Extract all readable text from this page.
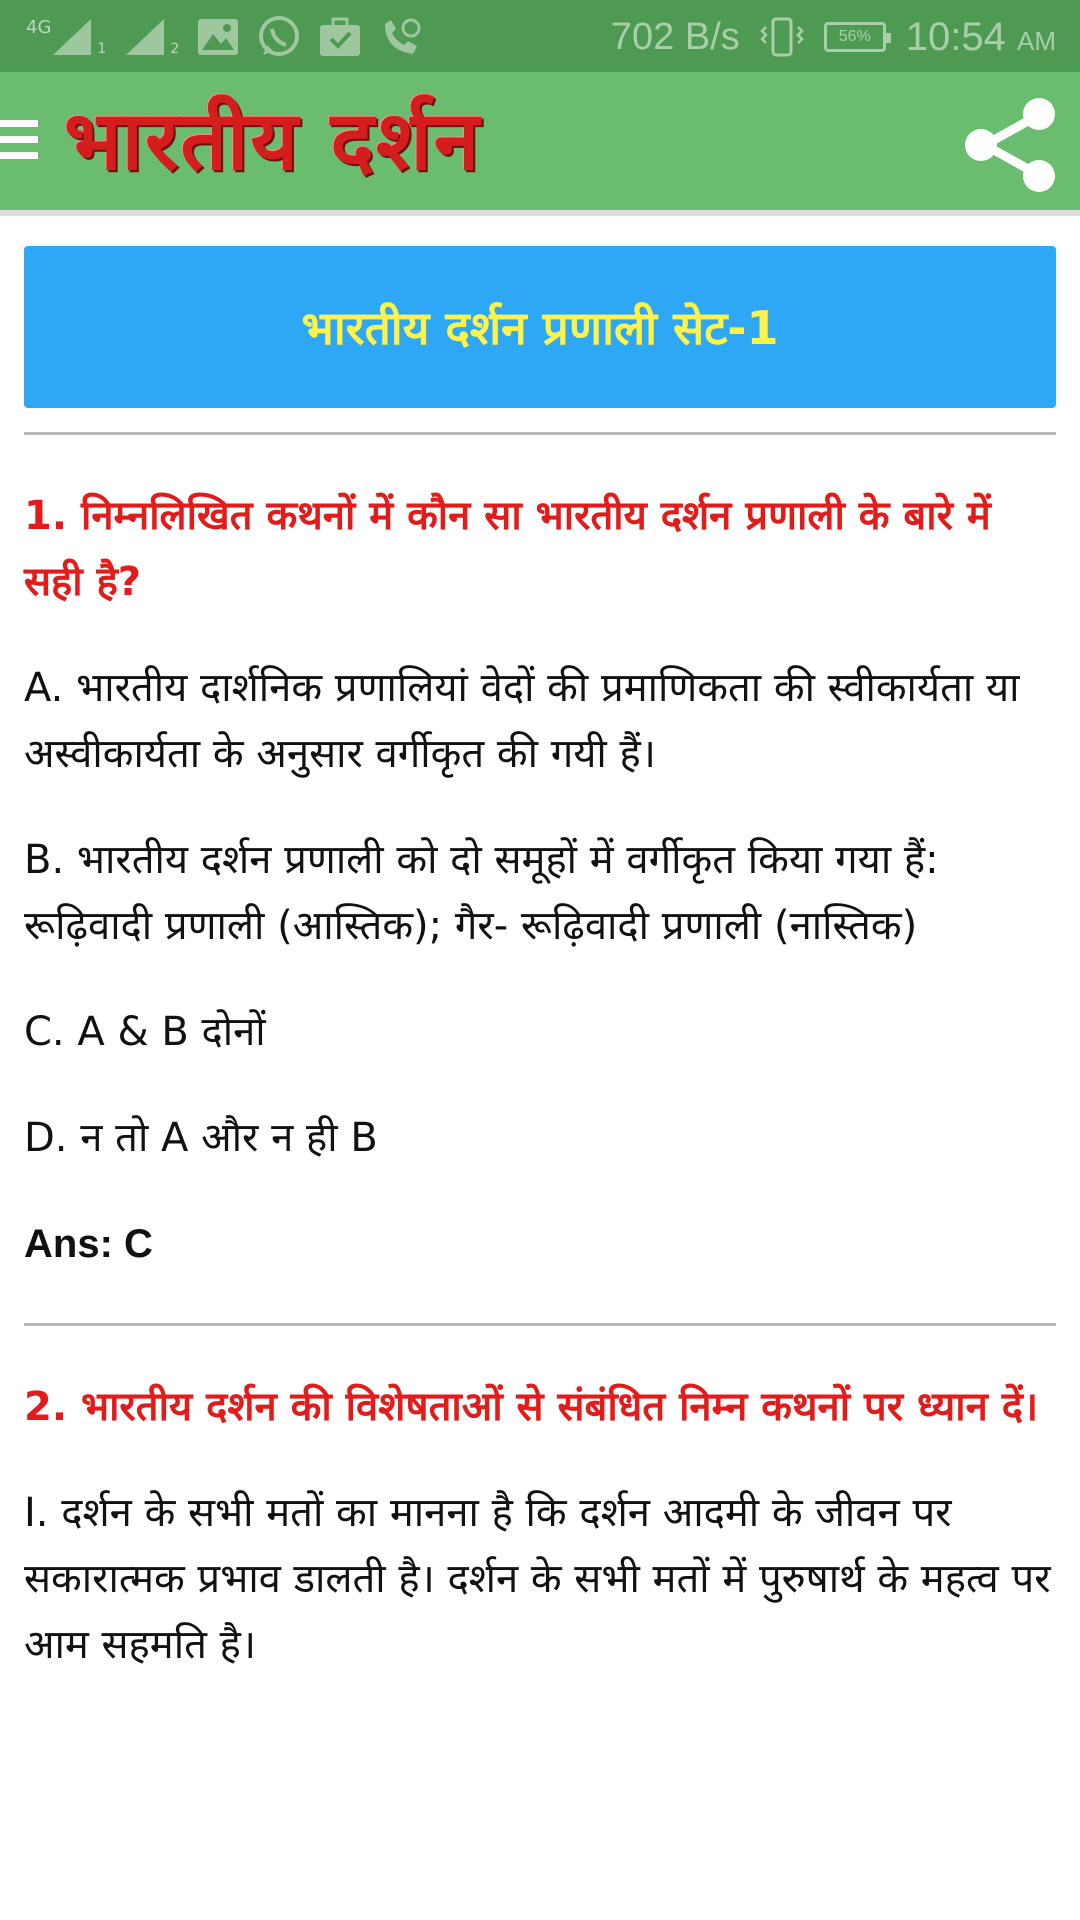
4G
1	2	702 B/s	56% 10:54 AM
भारतीय दर्शन
भारतीय दर्शन प्रणाली सेट-1
1. निम्नलिखित कथनों में कौन सा भारतीय दर्शन प्रणाली के बारे में सही है?
A. भारतीय दार्शनिक प्रणालियां वेदों की प्रमाणिकता की स्वीकार्यता या अस्वीकार्यता के अनुसार वर्गीकृत की गयी हैं।
B. भारतीय दर्शन प्रणाली को दो समूहों में वर्गीकृत किया गया हैं: रूढ़िवादी प्रणाली (आस्तिक); गैर- रूढ़िवादी प्रणाली (नास्तिक)
C. A & B दोनों
D. न तो A और न ही B
Ans: C
2. भारतीय दर्शन की विशेषताओं से संबंधित निम्न कथनों पर ध्यान दें।
I. दर्शन के सभी मतों का मानना है कि दर्शन आदमी के जीवन पर सकारात्मक प्रभाव डालती है। दर्शन के सभी मतों में पुरुषार्थ के महत्व पर आम सहमति है।
